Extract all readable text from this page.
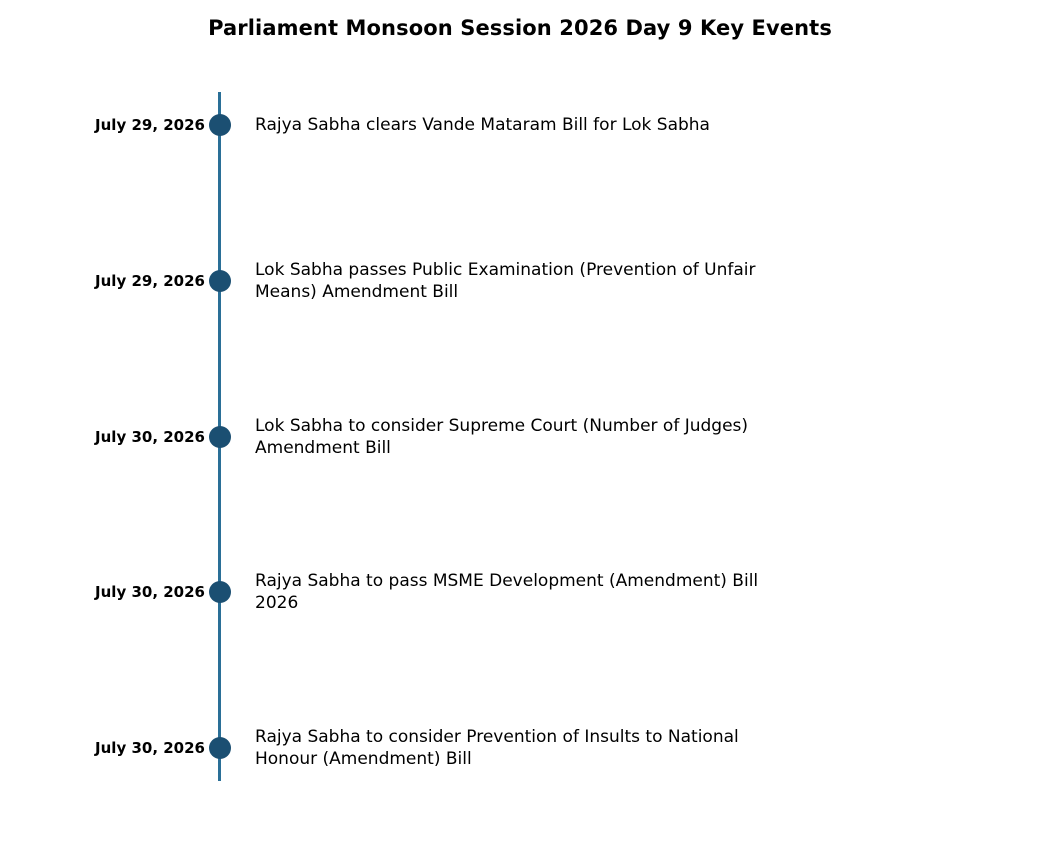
Parliament Monsoon Session 2026 Day 9 Key Events
July 29, 2026	Rajya Sabha clears Vande Mataram Bill for Lok Sabha
July 29, 2026
Lok Sabha passes Public Examination (Prevention of Unfair Means) Amendment Bill
July 30, 2026
Lok Sabha to consider Supreme Court (Number of Judges) Amendment Bill
July 30, 2026
Rajya Sabha to pass MSME Development (Amendment) Bill 2026
July 30, 2026
Rajya Sabha to consider Prevention of Insults to National Honour (Amendment) Bill
